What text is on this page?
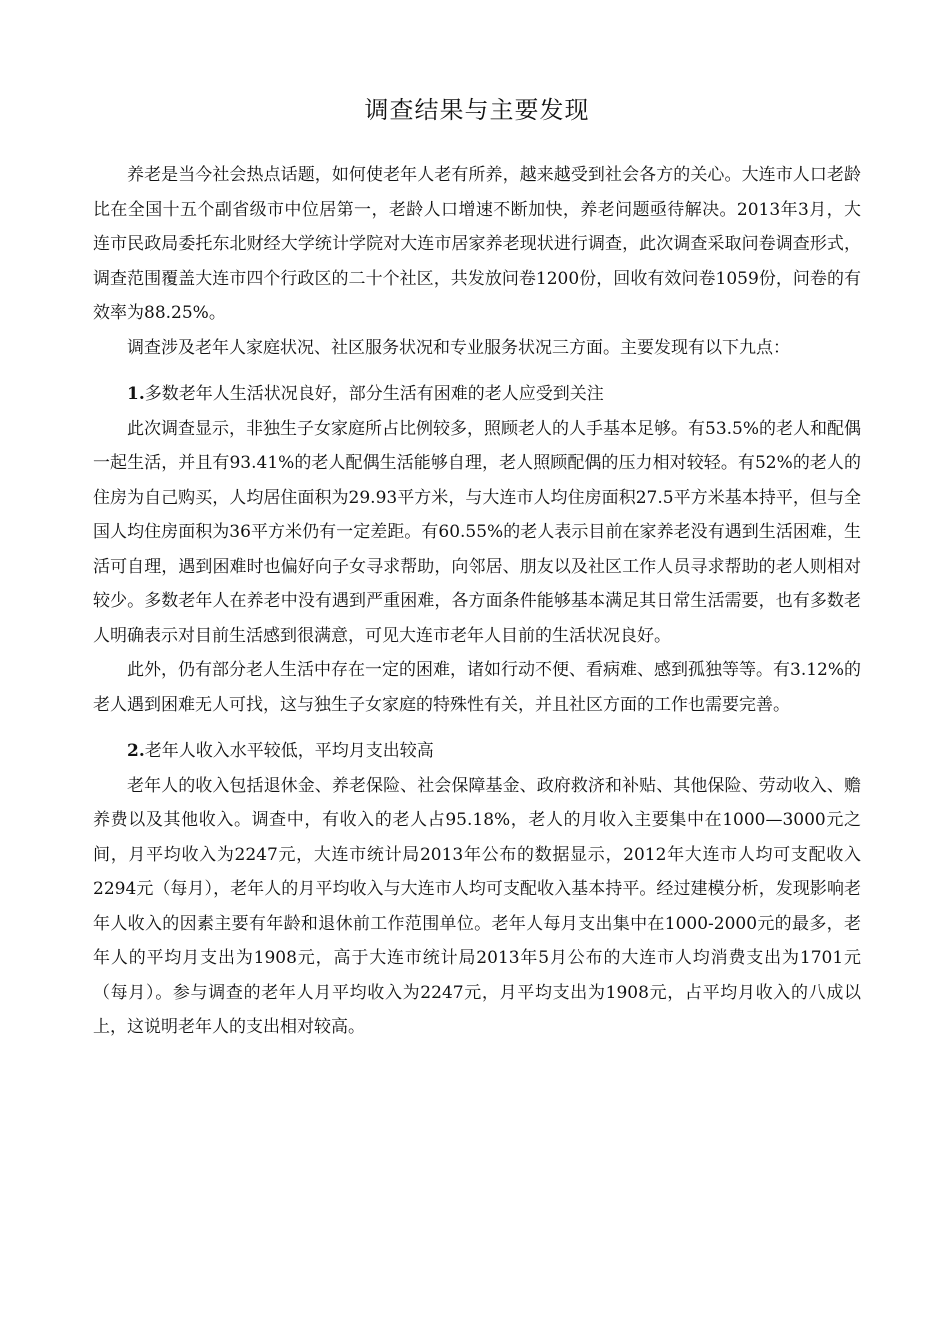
调查结果与主要发现

养老是当今社会热点话题，如何使老年人老有所养，越来越受到社会各方的关心。大连市人口老龄比在全国十五个副省级市中位居第一，老龄人口增速不断加快，养老问题亟待解决。2013年3月，大连市民政局委托东北财经大学统计学院对大连市居家养老现状进行调查，此次调查采取问卷调查形式，调查范围覆盖大连市四个行政区的二十个社区，共发放问卷1200份，回收有效问卷1059份，问卷的有效率为88.25%。

调查涉及老年人家庭状况、社区服务状况和专业服务状况三方面。主要发现有以下九点：

1.多数老年人生活状况良好，部分生活有困难的老人应受到关注

此次调查显示，非独生子女家庭所占比例较多，照顾老人的人手基本足够。有53.5%的老人和配偶一起生活，并且有93.41%的老人配偶生活能够自理，老人照顾配偶的压力相对较轻。有52%的老人的住房为自己购买，人均居住面积为29.93平方米，与大连市人均住房面积27.5平方米基本持平，但与全国人均住房面积为36平方米仍有一定差距。有60.55%的老人表示目前在家养老没有遇到生活困难，生活可自理，遇到困难时也偏好向子女寻求帮助，向邻居、朋友以及社区工作人员寻求帮助的老人则相对较少。多数老年人在养老中没有遇到严重困难，各方面条件能够基本满足其日常生活需要，也有多数老人明确表示对目前生活感到很满意，可见大连市老年人目前的生活状况良好。

此外，仍有部分老人生活中存在一定的困难，诸如行动不便、看病难、感到孤独等等。有3.12%的老人遇到困难无人可找，这与独生子女家庭的特殊性有关，并且社区方面的工作也需要完善。

2.老年人收入水平较低，平均月支出较高

老年人的收入包括退休金、养老保险、社会保障基金、政府救济和补贴、其他保险、劳动收入、赡养费以及其他收入。调查中，有收入的老人占95.18%，老人的月收入主要集中在1000—3000元之间，月平均收入为2247元，大连市统计局2013年公布的数据显示，2012年大连市人均可支配收入2294元（每月），老年人的月平均收入与大连市人均可支配收入基本持平。经过建模分析，发现影响老年人收入的因素主要有年龄和退休前工作范围单位。老年人每月支出集中在1000-2000元的最多，老年人的平均月支出为1908元，高于大连市统计局2013年5月公布的大连市人均消费支出为1701元（每月）。参与调查的老年人月平均收入为2247元，月平均支出为1908元，占平均月收入的八成以上，这说明老年人的支出相对较高。
